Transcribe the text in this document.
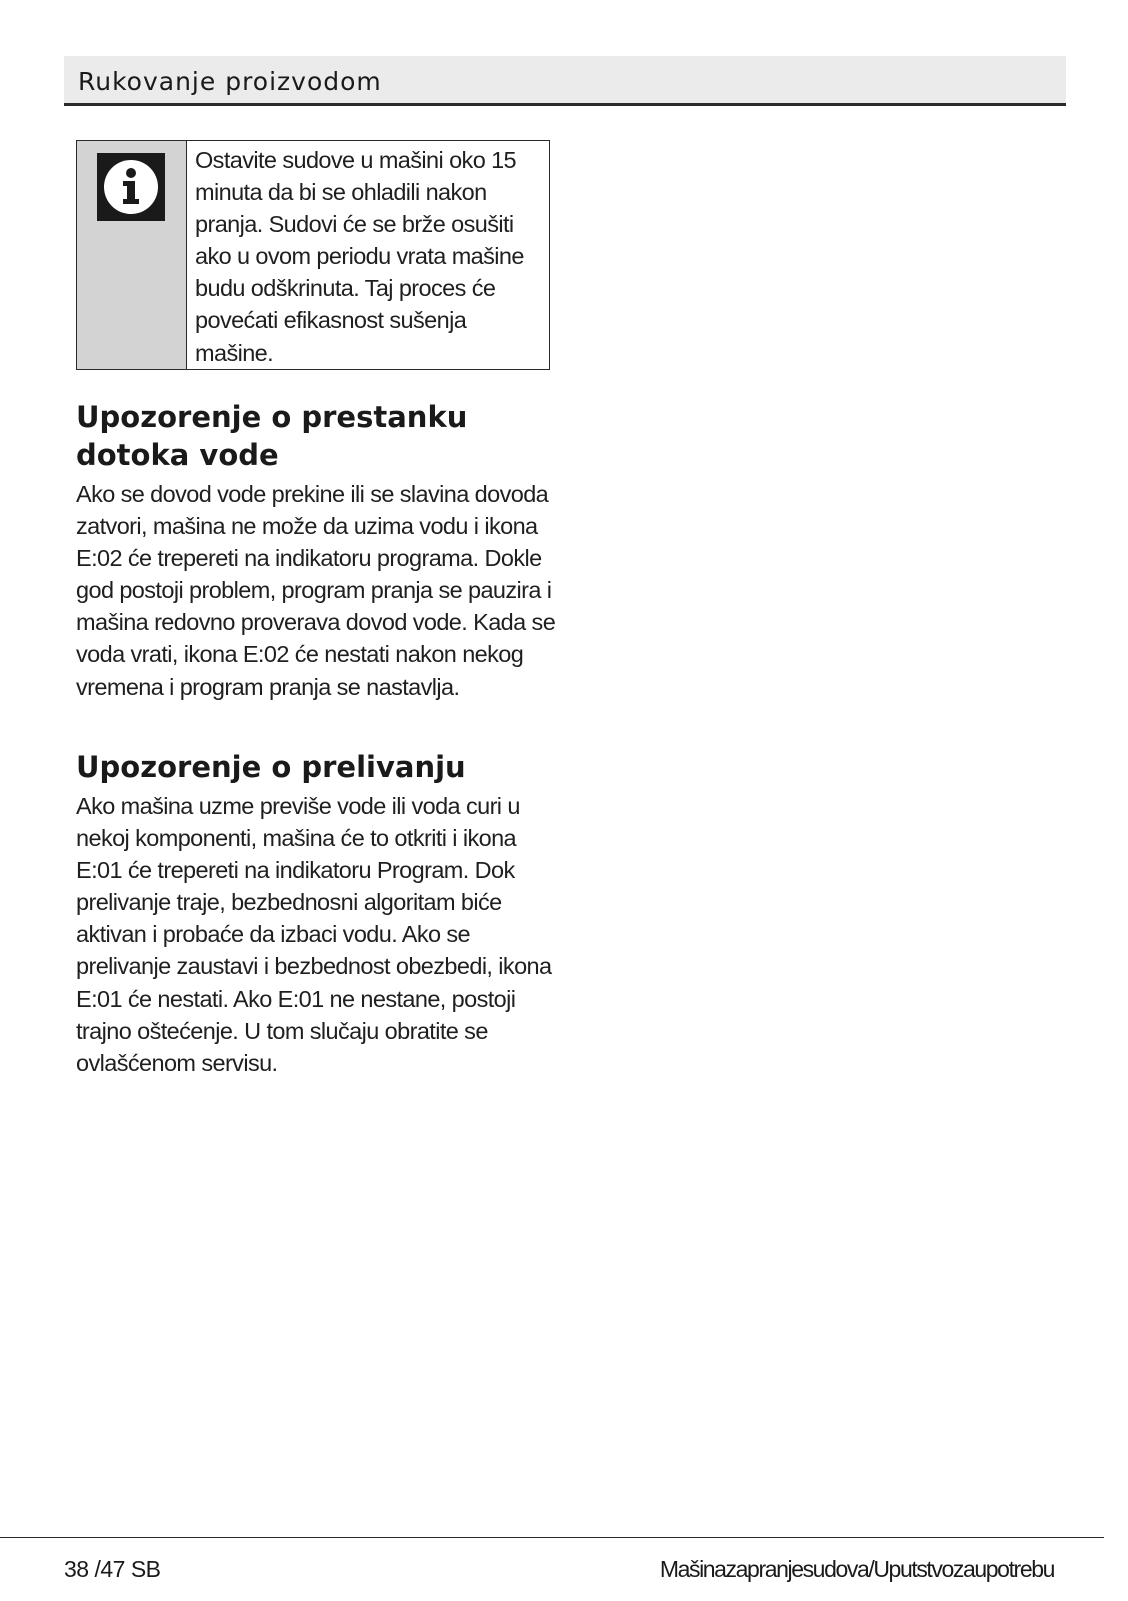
Rukovanje proizvodom
Ostavite sudove u mašini oko 15 minuta da bi se ohladili nakon pranja. Sudovi će se brže osušiti ako u ovom periodu vrata mašine budu odškrinuta. Taj proces će povećati efikasnost sušenja mašine.
Upozorenje o prestanku dotoka vode

Ako se dovod vode prekine ili se slavina dovoda zatvori, mašina ne može da uzima vodu i ikona E:02 će trepereti na indikatoru programa. Dokle god postoji problem, program pranja se pauzira i mašina redovno proverava dovod vode. Kada se voda vrati, ikona E:02 će nestati nakon nekog vremena i program pranja se nastavlja.

Upozorenje o prelivanju

Ako mašina uzme previše vode ili voda curi u nekoj komponenti, mašina će to otkriti i ikona E:01 će trepereti na indikatoru Program. Dok prelivanje traje, bezbednosni algoritam biće aktivan i probaće da izbaci vodu. Ako se prelivanje zaustavi i bezbednost obezbedi, ikona E:01 će nestati. Ako E:01 ne nestane, postoji trajno oštećenje. U tom slučaju obratite se ovlašćenom servisu.

38 /47 SB	Mašinazapranjesudova/Uputstvozaupotrebu
